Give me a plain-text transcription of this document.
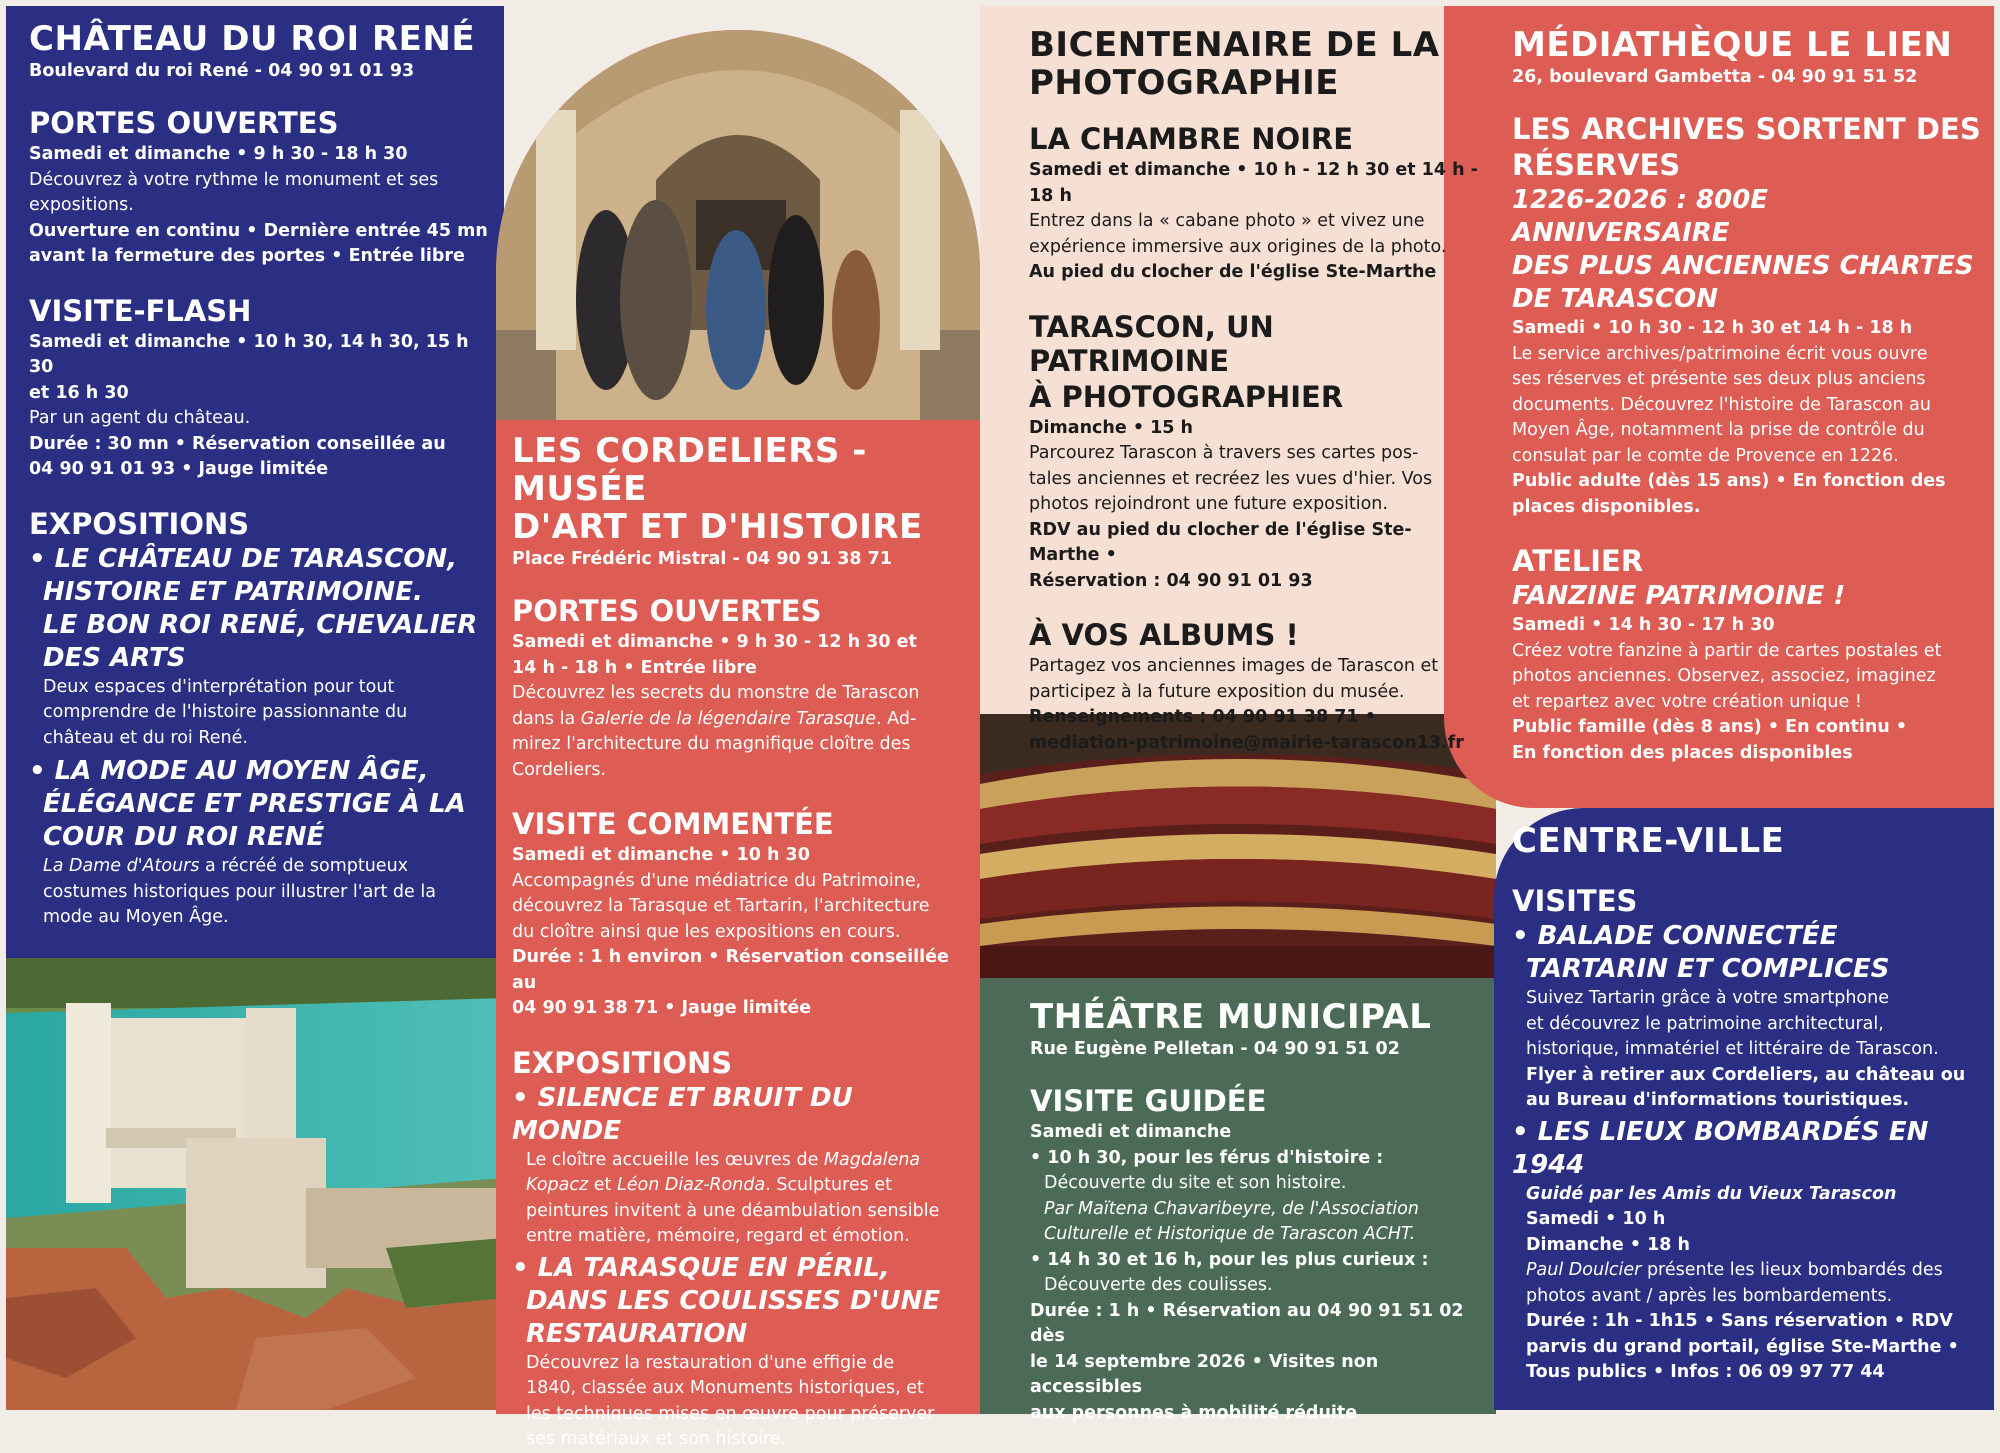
CHÂTEAU DU ROI RENÉ

Boulevard du roi René - 04 90 91 01 93

PORTES OUVERTES

Samedi et dimanche • 9 h 30 - 18 h 30

Découvrez à votre rythme le monument et ses

expositions.

Ouverture en continu • Dernière entrée 45 mn

avant la fermeture des portes • Entrée libre

VISITE-FLASH

Samedi et dimanche • 10 h 30, 14 h 30, 15 h 30

et 16 h 30

Par un agent du château.

Durée : 30 mn • Réservation conseillée au

04 90 91 01 93 • Jauge limitée

EXPOSITIONS

• LE CHÂTEAU DE TARASCON,

HISTOIRE ET PATRIMOINE.

LE BON ROI RENÉ, CHEVALIER

DES ARTS

Deux espaces d'interprétation pour tout

comprendre de l'histoire passionnante du

château et du roi René.

• LA MODE AU MOYEN ÂGE,

ÉLÉGANCE ET PRESTIGE À LA

COUR DU ROI RENÉ

La Dame d'Atours a récréé de somptueux

costumes historiques pour illustrer l'art de la

mode au Moyen Âge.

LES CORDELIERS - MUSÉE

D'ART ET D'HISTOIRE

Place Frédéric Mistral - 04 90 91 38 71

PORTES OUVERTES

Samedi et dimanche • 9 h 30 - 12 h 30 et

14 h - 18 h • Entrée libre

Découvrez les secrets du monstre de Tarascon

dans la Galerie de la légendaire Tarasque. Ad-

mirez l'architecture du magnifique cloître des

Cordeliers.

VISITE COMMENTÉE

Samedi et dimanche • 10 h 30

Accompagnés d'une médiatrice du Patrimoine,

découvrez la Tarasque et Tartarin, l'architecture

du cloître ainsi que les expositions en cours.

Durée : 1 h environ • Réservation conseillée au

04 90 91 38 71 • Jauge limitée

EXPOSITIONS

• SILENCE ET BRUIT DU MONDE

Le cloître accueille les œuvres de Magdalena

Kopacz et Léon Diaz-Ronda. Sculptures et

peintures invitent à une déambulation sensible

entre matière, mémoire, regard et émotion.

• LA TARASQUE EN PÉRIL,

DANS LES COULISSES D'UNE

RESTAURATION

Découvrez la restauration d'une effigie de

1840, classée aux Monuments historiques, et

les techniques mises en œuvre pour préserver

ses matériaux et son histoire.

BICENTENAIRE DE LA

PHOTOGRAPHIE

LA CHAMBRE NOIRE

Samedi et dimanche • 10 h - 12 h 30 et 14 h - 18 h

Entrez dans la « cabane photo » et vivez une

expérience immersive aux origines de la photo.

Au pied du clocher de l'église Ste-Marthe

TARASCON, UN PATRIMOINE

À PHOTOGRAPHIER

Dimanche • 15 h

Parcourez Tarascon à travers ses cartes pos-

tales anciennes et recréez les vues d'hier. Vos

photos rejoindront une future exposition.

RDV au pied du clocher de l'église Ste-Marthe •

Réservation : 04 90 91 01 93

À VOS ALBUMS !

Partagez vos anciennes images de Tarascon et

participez à la future exposition du musée.

Renseignements : 04 90 91 38 71 •

mediation-patrimoine@mairie-tarascon13.fr

THÉÂTRE MUNICIPAL

Rue Eugène Pelletan - 04 90 91 51 02

VISITE GUIDÉE

Samedi et dimanche

• 10 h 30, pour les férus d'histoire :

Découverte du site et son histoire.

Par Maïtena Chavaribeyre, de l'Association

Culturelle et Historique de Tarascon ACHT.

• 14 h 30 et 16 h, pour les plus curieux :

Découverte des coulisses.

Durée : 1 h • Réservation au 04 90 91 51 02 dès

le 14 septembre 2026 • Visites non accessibles

aux personnes à mobilité réduite

MÉDIATHÈQUE LE LIEN

26, boulevard Gambetta - 04 90 91 51 52

LES ARCHIVES SORTENT DES

RÉSERVES

1226-2026 : 800E ANNIVERSAIRE

DES PLUS ANCIENNES CHARTES

DE TARASCON

Samedi • 10 h 30 - 12 h 30 et 14 h - 18 h

Le service archives/patrimoine écrit vous ouvre

ses réserves et présente ses deux plus anciens

documents. Découvrez l'histoire de Tarascon au

Moyen Âge, notamment la prise de contrôle du

consulat par le comte de Provence en 1226.

Public adulte (dès 15 ans) • En fonction des

places disponibles.

ATELIER

FANZINE PATRIMOINE !

Samedi • 14 h 30 - 17 h 30

Créez votre fanzine à partir de cartes postales et

photos anciennes. Observez, associez, imaginez

et repartez avec votre création unique !

Public famille (dès 8 ans) • En continu •

En fonction des places disponibles

CENTRE-VILLE

VISITES

• BALADE CONNECTÉE

TARTARIN ET COMPLICES

Suivez Tartarin grâce à votre smartphone

et découvrez le patrimoine architectural,

historique, immatériel et littéraire de Tarascon.

Flyer à retirer aux Cordeliers, au château ou

au Bureau d'informations touristiques.

• LES LIEUX BOMBARDÉS EN 1944

Guidé par les Amis du Vieux Tarascon

Samedi • 10 h

Dimanche • 18 h

Paul Doulcier présente les lieux bombardés des

photos avant / après les bombardements.

Durée : 1h - 1h15 • Sans réservation • RDV

parvis du grand portail, église Ste-Marthe •

Tous publics • Infos : 06 09 97 77 44
